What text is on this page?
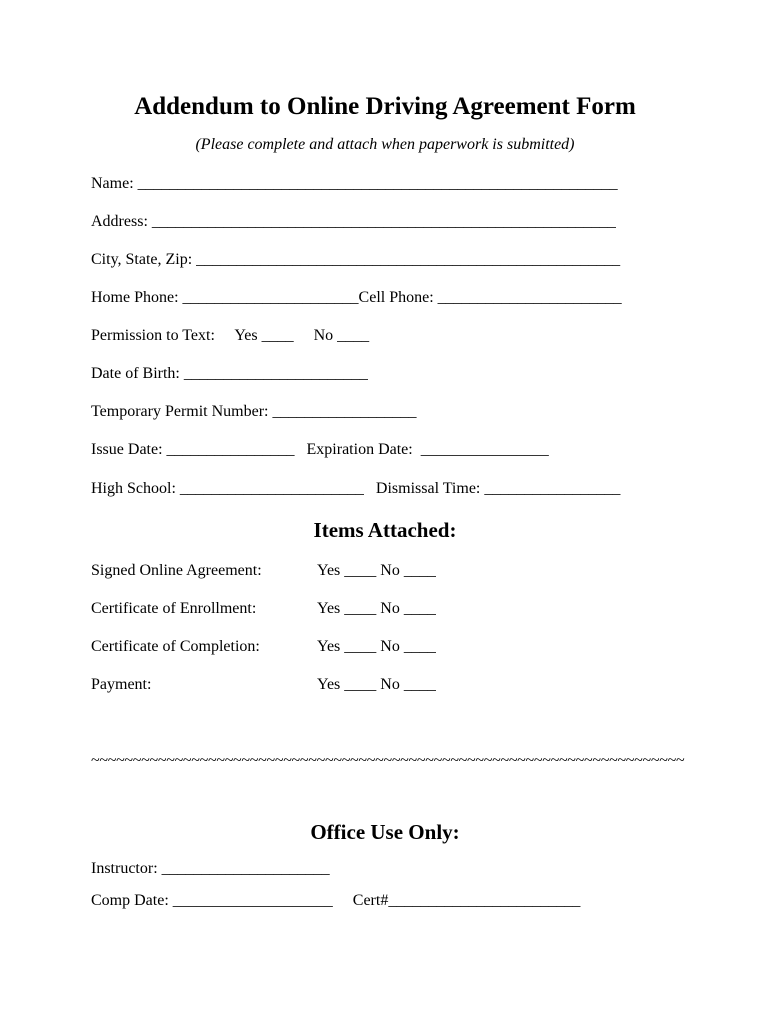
Addendum to Online Driving Agreement Form
(Please complete and attach when paperwork is submitted)
Name: ____________________________________________________________
Address: __________________________________________________________
City, State, Zip: _____________________________________________________
Home Phone: ______________________Cell Phone: _______________________
Permission to Text:     Yes ____     No ____
Date of Birth: _______________________
Temporary Permit Number: __________________
Issue Date: ________________   Expiration Date:  ________________
High School: _______________________   Dismissal Time: _________________
Items Attached:
Signed Online Agreement:	Yes ____ No ____
Certificate of Enrollment:	Yes ____ No ____
Certificate of Completion:	Yes ____ No ____
Payment:	Yes ____ No ____
~~~~~~~~~~~~~~~~~~~~~~~~~~~~~~~~~~~~~~~~~~~~~~~~~~~~~~~~~~~~~~~~~~~~~~~
Office Use Only:
Instructor: _____________________
Comp Date: ____________________     Cert#________________________
